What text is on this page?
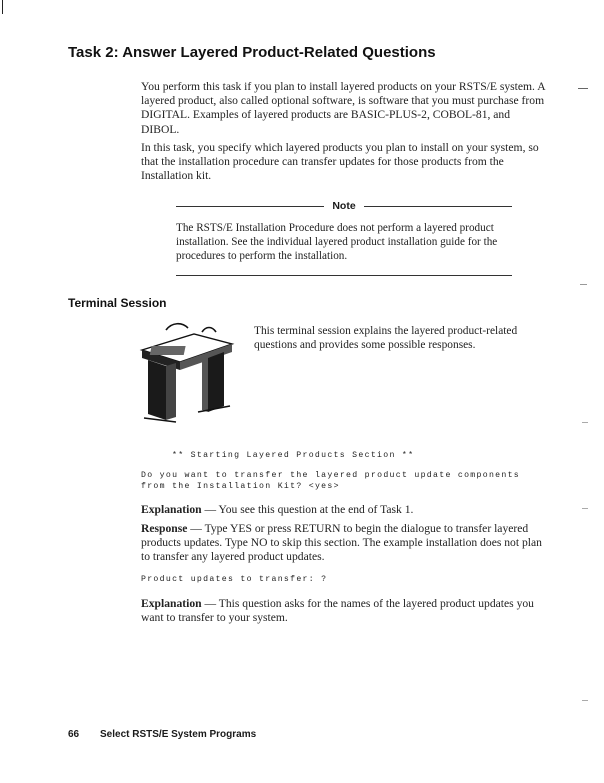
Task 2: Answer Layered Product-Related Questions

You perform this task if you plan to install layered products on your RSTS/E system. A layered product, also called optional software, is software that you must purchase from DIGITAL. Examples of layered products are BASIC-PLUS-2, COBOL-81, and DIBOL.

In this task, you specify which layered products you plan to install on your system, so that the installation procedure can transfer updates for those products from the Installation kit.

Note

The RSTS/E Installation Procedure does not perform a layered product installation. See the individual layered product installation guide for the procedures to perform the installation.

Terminal Session

This terminal session explains the layered product-related questions and provides some possible responses.

** Starting Layered Products Section **

Do you want to transfer the layered product update components

from the Installation Kit? <yes>

Explanation — You see this question at the end of Task 1.

Response — Type YES or press RETURN to begin the dialogue to transfer layered products updates. Type NO to skip this section. The example installation does not plan to transfer any layered product updates.

Product updates to transfer: ?

Explanation — This question asks for the names of the layered product updates you want to transfer to your system.

66 Select RSTS/E System Programs
